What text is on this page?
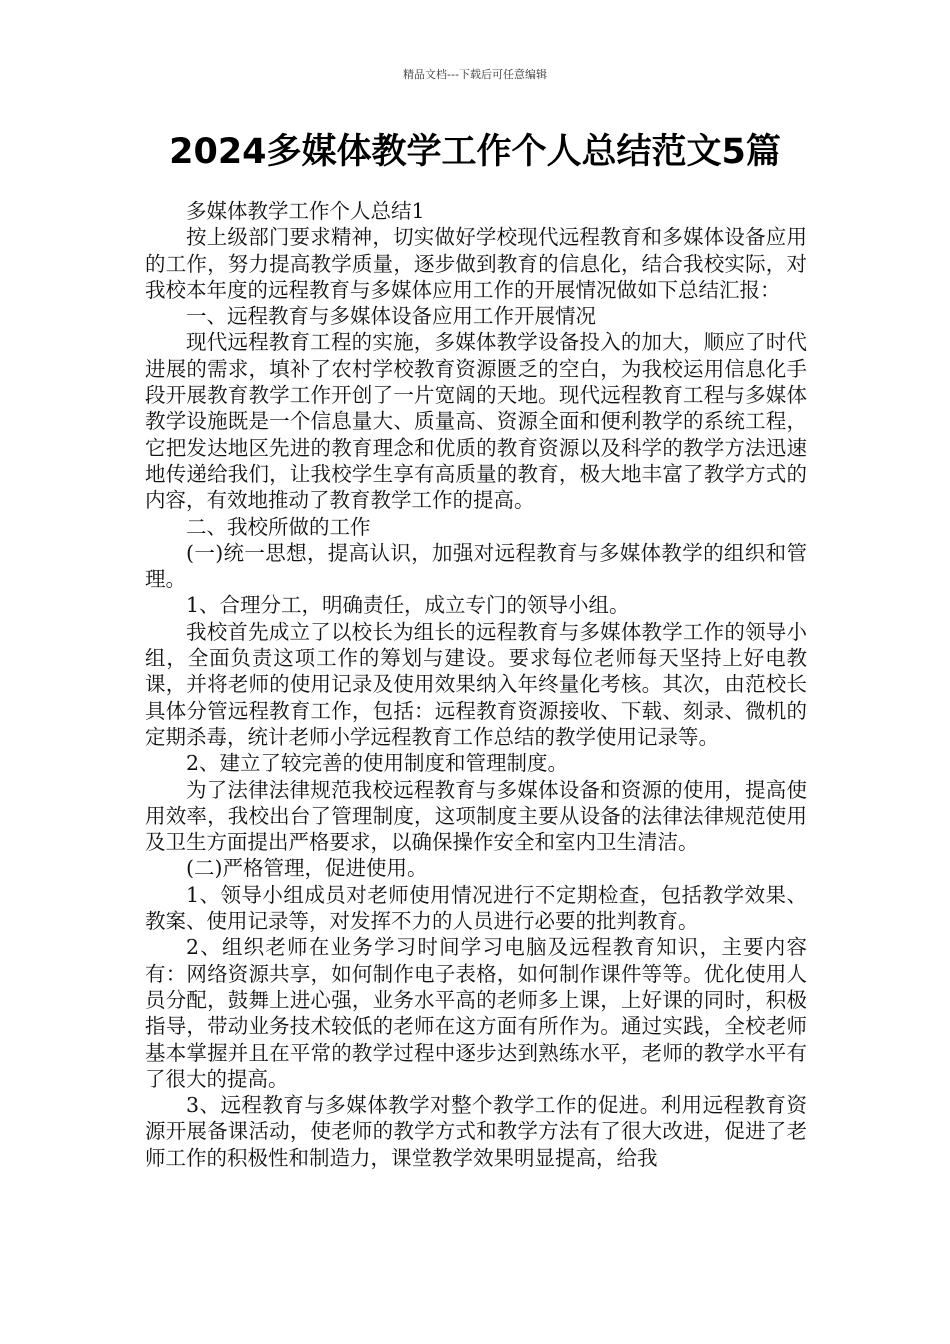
精品文档---下载后可任意编辑
2024多媒体教学工作个人总结范文5篇

多媒体教学工作个人总结1

按上级部门要求精神，切实做好学校现代远程教育和多媒体设备应用的工作，努力提高教学质量，逐步做到教育的信息化，结合我校实际，对我校本年度的远程教育与多媒体应用工作的开展情况做如下总结汇报：

一、远程教育与多媒体设备应用工作开展情况

现代远程教育工程的实施，多媒体教学设备投入的加大，顺应了时代进展的需求，填补了农村学校教育资源匮乏的空白，为我校运用信息化手段开展教育教学工作开创了一片宽阔的天地。现代远程教育工程与多媒体教学设施既是一个信息量大、质量高、资源全面和便利教学的系统工程，它把发达地区先进的教育理念和优质的教育资源以及科学的教学方法迅速地传递给我们，让我校学生享有高质量的教育，极大地丰富了教学方式的内容，有效地推动了教育教学工作的提高。

二、我校所做的工作

(一)统一思想，提高认识，加强对远程教育与多媒体教学的组织和管理。

1、合理分工，明确责任，成立专门的领导小组。

我校首先成立了以校长为组长的远程教育与多媒体教学工作的领导小组，全面负责这项工作的筹划与建设。要求每位老师每天坚持上好电教课，并将老师的使用记录及使用效果纳入年终量化考核。其次，由范校长具体分管远程教育工作，包括：远程教育资源接收、下载、刻录、微机的定期杀毒，统计老师小学远程教育工作总结的教学使用记录等。

2、建立了较完善的使用制度和管理制度。

为了法律法律规范我校远程教育与多媒体设备和资源的使用，提高使用效率，我校出台了管理制度，这项制度主要从设备的法律法律规范使用及卫生方面提出严格要求，以确保操作安全和室内卫生清洁。

(二)严格管理，促进使用。

1、领导小组成员对老师使用情况进行不定期检查，包括教学效果、教案、使用记录等，对发挥不力的人员进行必要的批判教育。

2、组织老师在业务学习时间学习电脑及远程教育知识，主要内容有：网络资源共享，如何制作电子表格，如何制作课件等等。优化使用人员分配，鼓舞上进心强，业务水平高的老师多上课，上好课的同时，积极指导，带动业务技术较低的老师在这方面有所作为。通过实践，全校老师基本掌握并且在平常的教学过程中逐步达到熟练水平，老师的教学水平有了很大的提高。

3、远程教育与多媒体教学对整个教学工作的促进。利用远程教育资源开展备课活动，使老师的教学方式和教学方法有了很大改进，促进了老师工作的积极性和制造力，课堂教学效果明显提高，给我
